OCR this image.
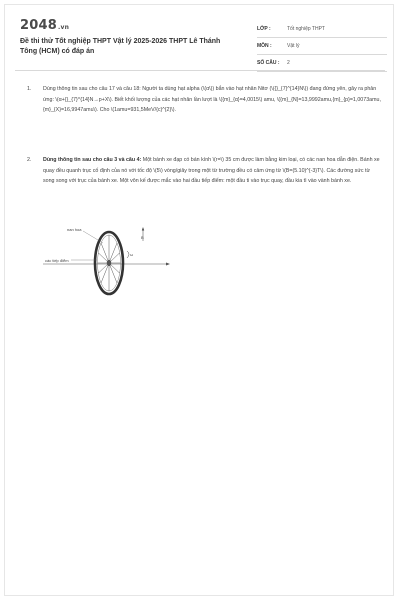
2048.vn
Đề thi thử Tốt nghiệp THPT Vật lý 2025-2026 THPT Lê Thánh Tông (HCM) có đáp án
LỚP :	Tốt nghiệp THPT
MÔN :	Vật lý
SỐ CÂU : 2
1. Dùng thông tin sau cho câu 17 và câu 18: Người ta dùng hạt alpha (\(α\)) bắn vào hạt nhân Nitơ (\({}_{7}^{14}N\)) đang đứng yên, gây ra phản ứng: \(α+{}_{7}^{14}N→p+X\). Biết khối lượng của các hạt nhân lần lượt là \({m}_{α}=4,0015\) amu, \({m}_{N}=13,9992amu,{m}_{p}=1,0073amu,{m}_{X}=16,9947amu\). Cho \(1amu=931,5MeV/{c}^{2}\).
2. Dùng thông tin sau cho câu 3 và câu 4: Một bánh xe đạp có bán kính \(r=\) 35 cm được làm bằng kim loại, có các nan hoa dẫn điện. Bánh xe quay đều quanh trục cố định của nó với tốc độ \(5\) vòng/giây trong một từ trường đều có cảm ứng từ \(B=(5.10)^{-3}T\). Các đường sức từ song song với trục của bánh xe. Một vôn kế được mắc vào hai đầu tiếp điểm: một đầu ti vào trục quay, đầu kia tì vào vành bánh xe.
B
ω
nan hoa
các tiếp điểm
